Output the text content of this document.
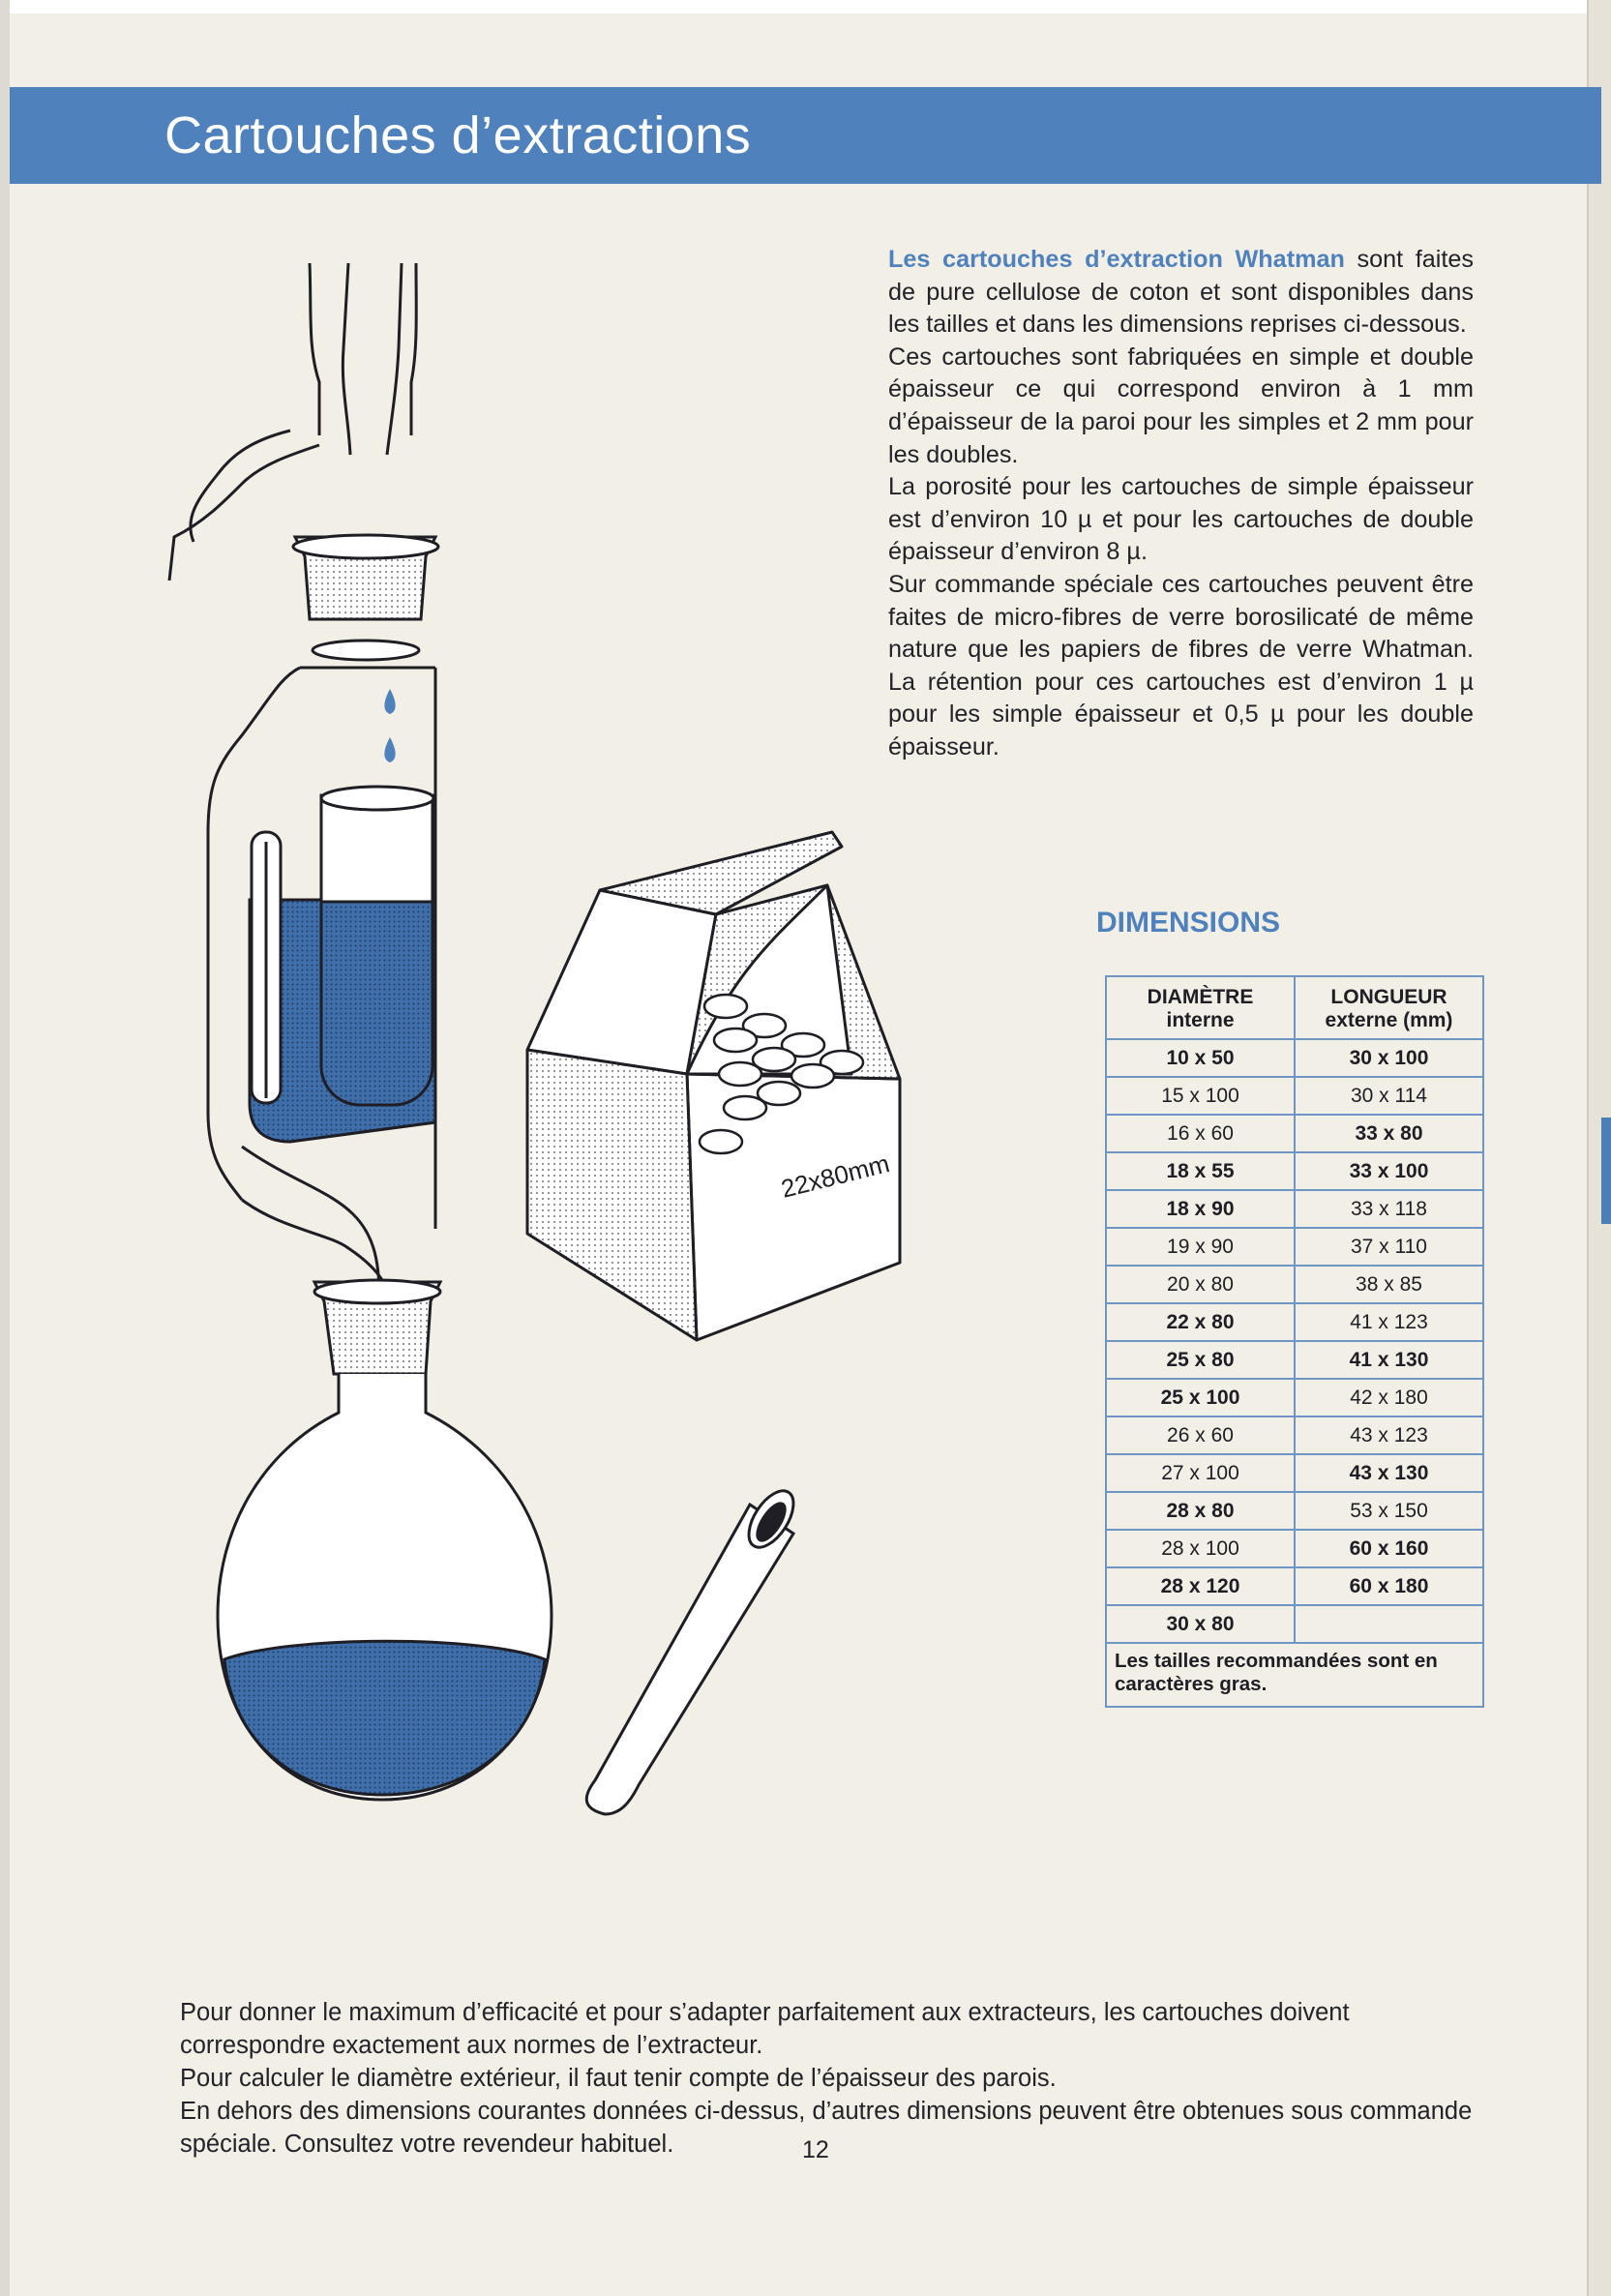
Cartouches d’extractions

Les cartouches d’extraction Whatman sont faites de pure cellulose de coton et sont disponibles dans les tailles et dans les dimensions reprises ci-dessous.

Ces cartouches sont fabriquées en simple et double épaisseur ce qui correspond environ à 1 mm d’épaisseur de la paroi pour les simples et 2 mm pour les doubles.

La porosité pour les cartouches de simple épaisseur est d’environ 10 µ et pour les cartouches de double épaisseur d’environ 8 µ.

Sur commande spéciale ces cartouches peuvent être faites de micro-fibres de verre borosilicaté de même nature que les papiers de fibres de verre Whatman. La rétention pour ces cartouches est d’environ 1 µ pour les simple épaisseur et 0,5 µ pour les double épaisseur.

22x80mm
DIMENSIONS
DIAMÈTRE
interne	LONGUEUR
externe (mm)
10 x 50	30 x 100
15 x 100	30 x 114
16 x 60	33 x 80
18 x 55	33 x 100
18 x 90	33 x 118
19 x 90	37 x 110
20 x 80	38 x 85
22 x 80	41 x 123
25 x 80	41 x 130
25 x 100	42 x 180
26 x 60	43 x 123
27 x 100	43 x 130
28 x 80	53 x 150
28 x 100	60 x 160
28 x 120	60 x 180
30 x 80	
Les tailles recommandées sont en caractères gras.	

Pour donner le maximum d’efficacité et pour s’adapter parfaitement aux extracteurs, les cartouches doivent correspondre exactement aux normes de l’extracteur.

Pour calculer le diamètre extérieur, il faut tenir compte de l’épaisseur des parois.

En dehors des dimensions courantes données ci-dessus, d’autres dimensions peuvent être obtenues sous commande spéciale. Consultez votre revendeur habituel.	12
